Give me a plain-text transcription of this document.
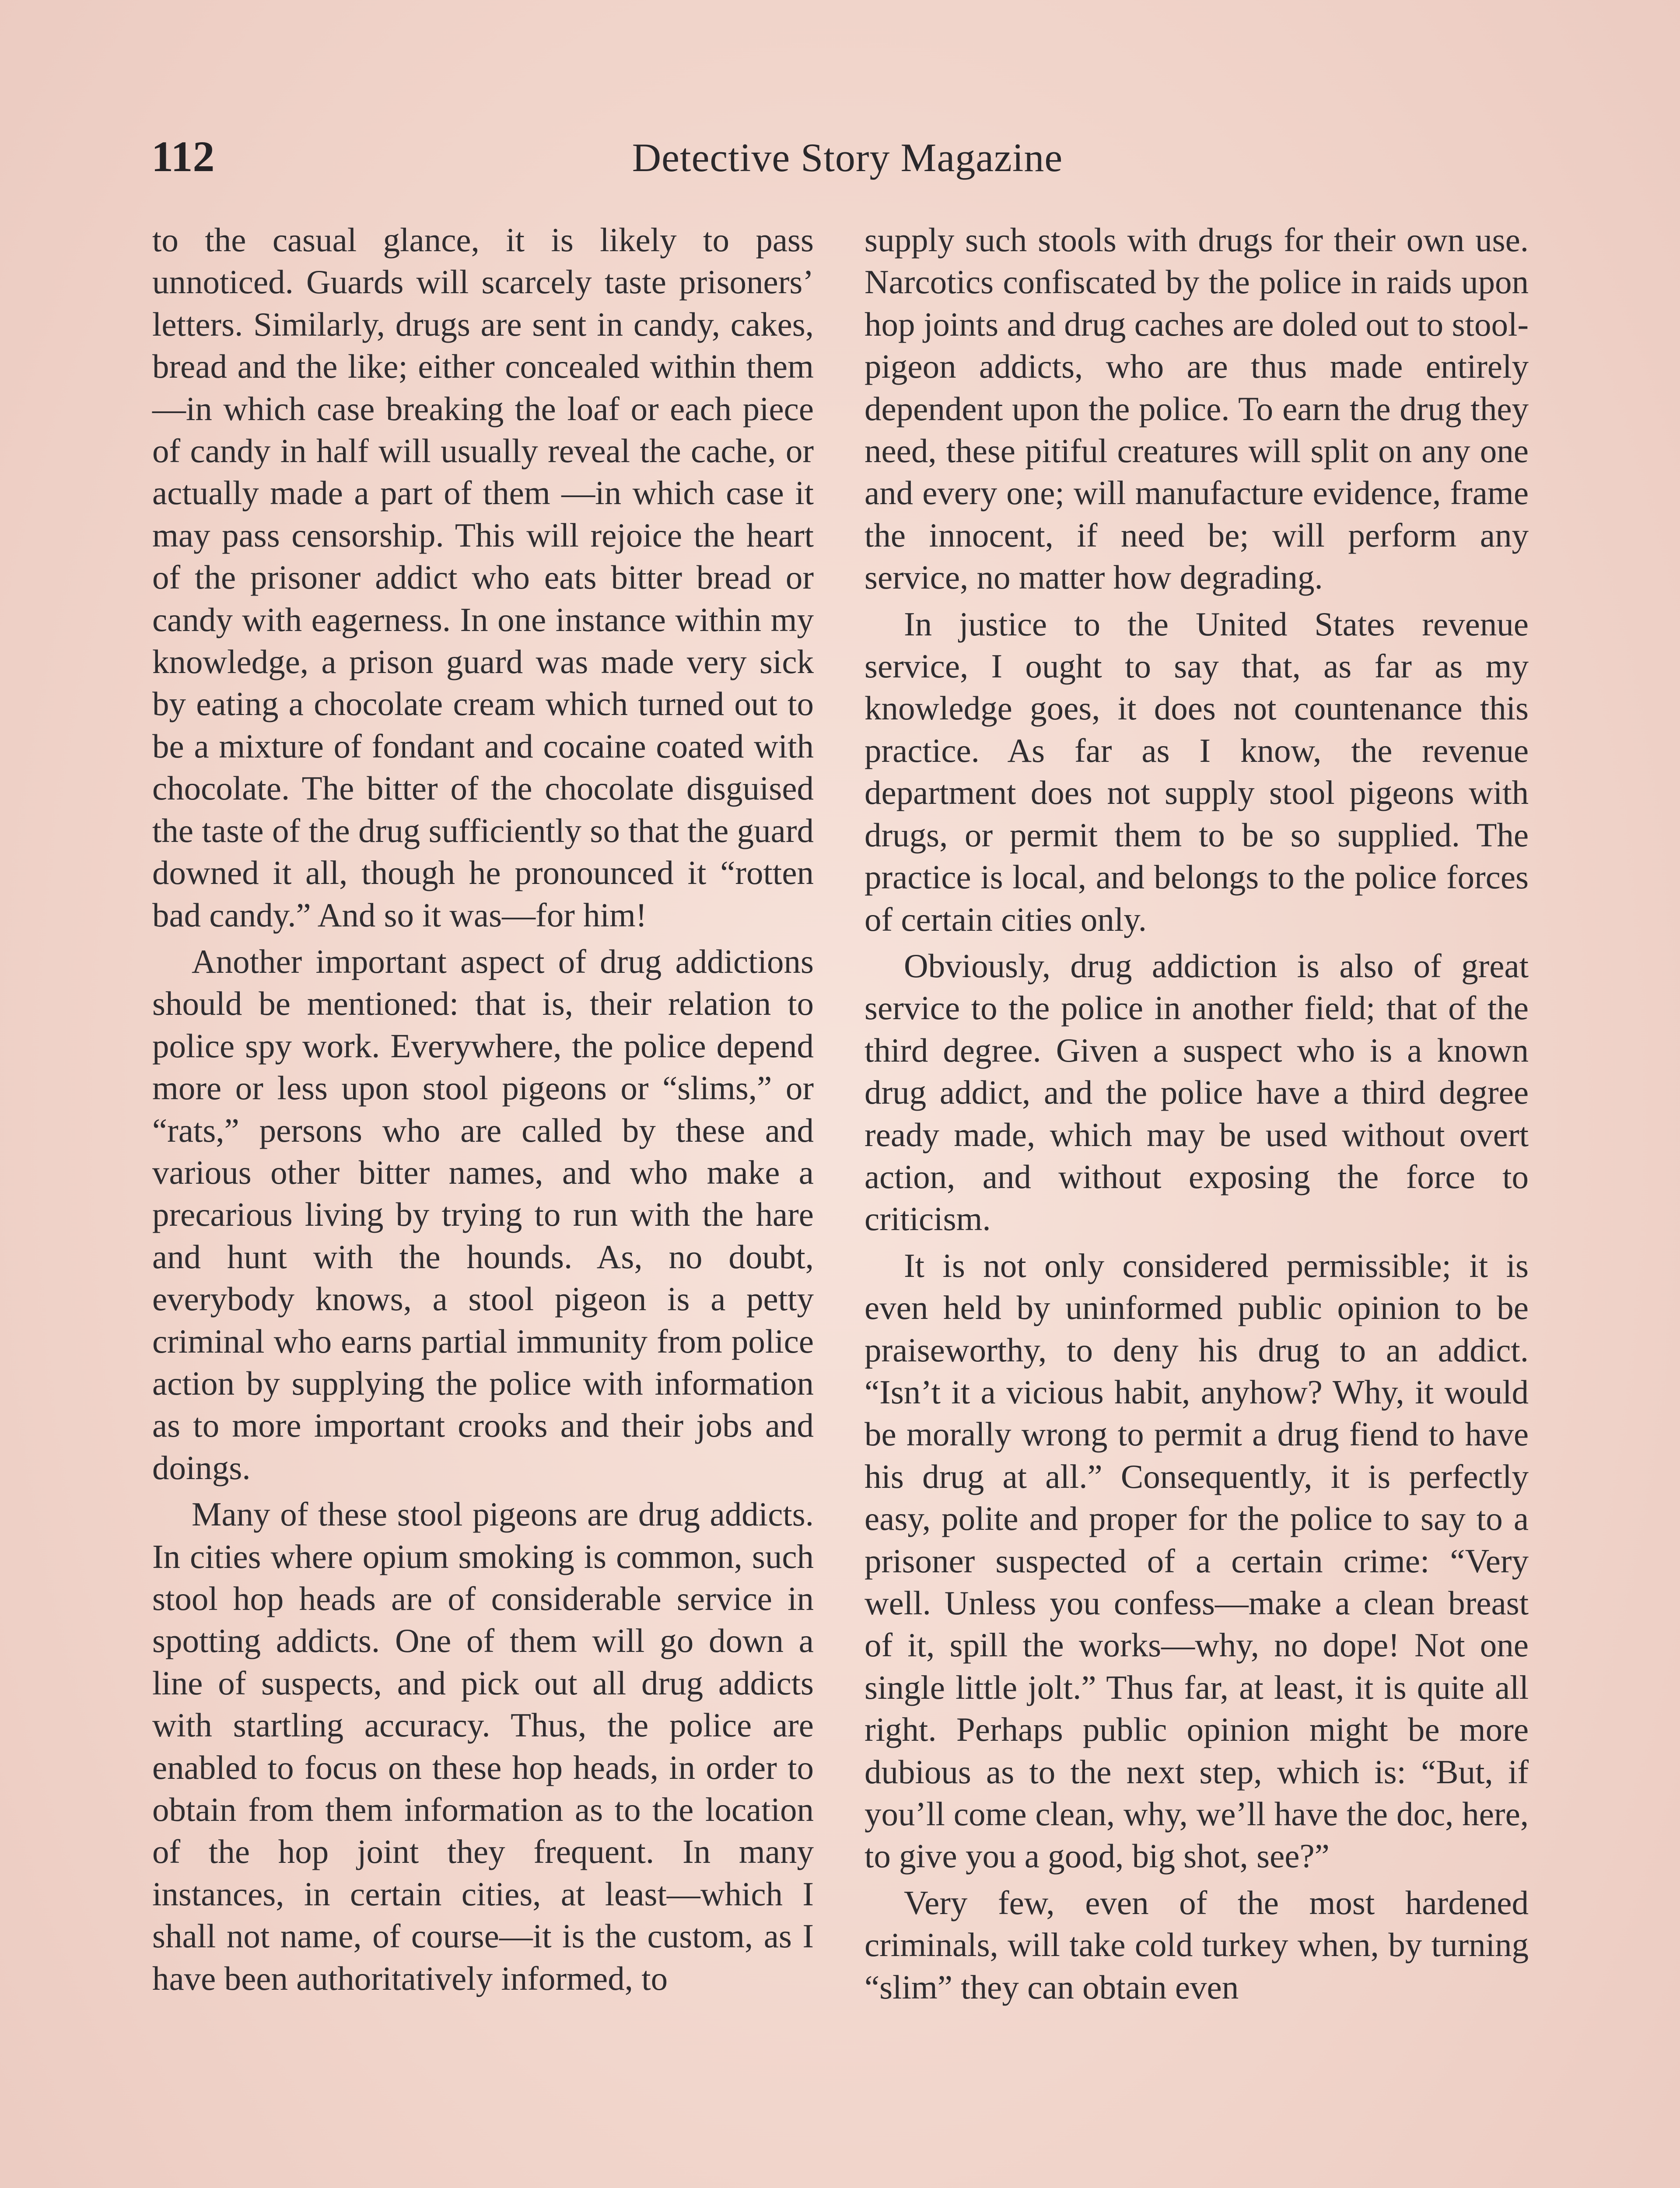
112	Detective Story Magazine

to the casual glance, it is likely to pass unnoticed. Guards will scarcely taste prisoners’ letters. Similarly, drugs are sent in candy, cakes, bread and the like; either concealed within them—in which case breaking the loaf or each piece of candy in half will usually reveal the cache, or actually made a part of them —in which case it may pass censorship. This will rejoice the heart of the prisoner addict who eats bitter bread or candy with eagerness. In one instance within my knowledge, a prison guard was made very sick by eating a chocolate cream which turned out to be a mixture of fondant and cocaine coated with chocolate. The bitter of the chocolate disguised the taste of the drug sufficiently so that the guard downed it all, though he pronounced it “rotten bad candy.” And so it was—for him!

Another important aspect of drug addictions should be mentioned: that is, their relation to police spy work. Everywhere, the police depend more or less upon stool pigeons or “slims,” or “rats,” persons who are called by these and various other bitter names, and who make a precarious living by trying to run with the hare and hunt with the hounds. As, no doubt, everybody knows, a stool pigeon is a petty criminal who earns partial immunity from police action by supplying the police with information as to more important crooks and their jobs and doings.

Many of these stool pigeons are drug addicts. In cities where opium smoking is common, such stool hop heads are of considerable service in spotting addicts. One of them will go down a line of suspects, and pick out all drug addicts with startling accuracy. Thus, the police are enabled to focus on these hop heads, in order to obtain from them information as to the location of the hop joint they frequent. In many instances, in certain cities, at least—which I shall not name, of course—it is the custom, as I have been authoritatively informed, to

supply such stools with drugs for their own use. Narcotics confiscated by the police in raids upon hop joints and drug caches are doled out to stool-pigeon addicts, who are thus made entirely dependent upon the police. To earn the drug they need, these pitiful creatures will split on any one and every one; will manufacture evidence, frame the innocent, if need be; will perform any service, no matter how degrading.

In justice to the United States revenue service, I ought to say that, as far as my knowledge goes, it does not countenance this practice. As far as I know, the revenue department does not supply stool pigeons with drugs, or permit them to be so supplied. The practice is local, and belongs to the police forces of certain cities only.

Obviously, drug addiction is also of great service to the police in another field; that of the third degree. Given a suspect who is a known drug addict, and the police have a third degree ready made, which may be used without overt action, and without exposing the force to criticism.

It is not only considered permissible; it is even held by uninformed public opinion to be praiseworthy, to deny his drug to an addict. “Isn’t it a vicious habit, anyhow? Why, it would be morally wrong to permit a drug fiend to have his drug at all.” Consequently, it is perfectly easy, polite and proper for the police to say to a prisoner suspected of a certain crime: “Very well. Unless you confess—make a clean breast of it, spill the works—why, no dope! Not one single little jolt.” Thus far, at least, it is quite all right. Perhaps public opinion might be more dubious as to the next step, which is: “But, if you’ll come clean, why, we’ll have the doc, here, to give you a good, big shot, see?”

Very few, even of the most hardened criminals, will take cold turkey when, by turning “slim” they can obtain even
